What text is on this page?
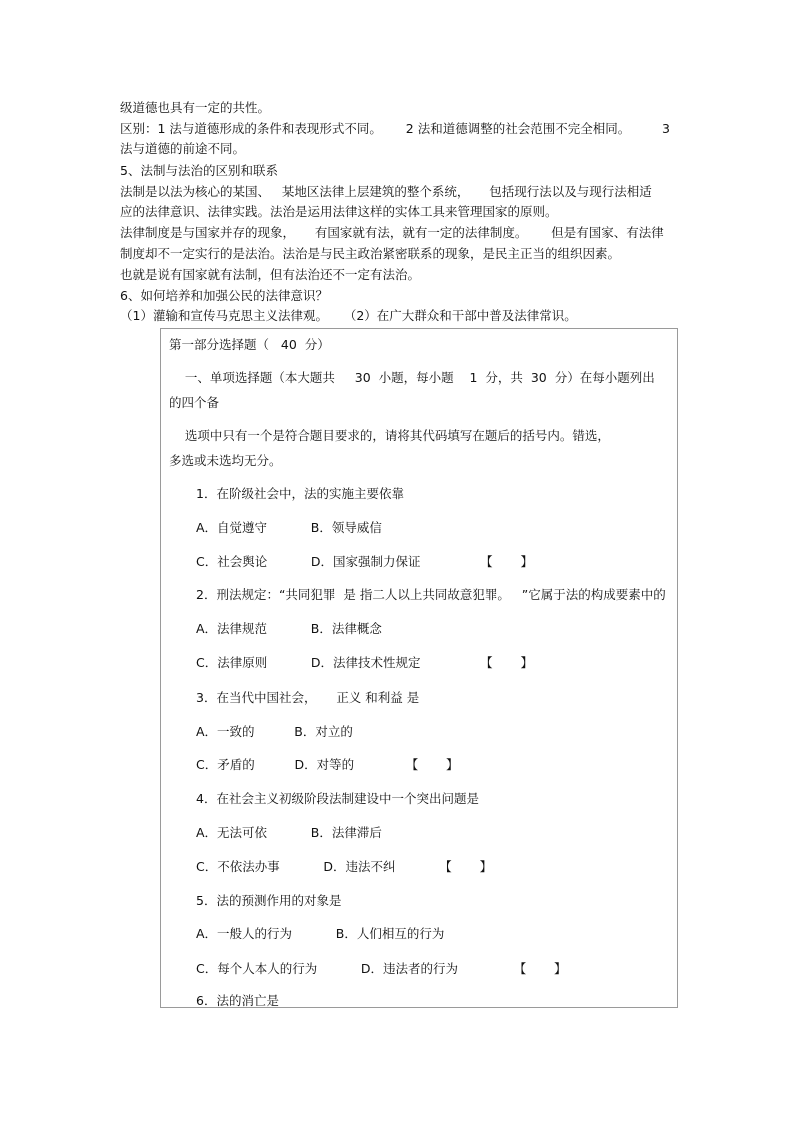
级道德也具有一定的共性。
区别：1 法与道德形成的条件和表现形式不同。      2 法和道德调整的社会范围不完全相同。        3
法与道德的前途不同。
5、法制与法治的区别和联系
法制是以法为核心的某国、   某地区法律上层建筑的整个系统，     包括现行法以及与现行法相适
应的法律意识、法律实践。法治是运用法律这样的实体工具来管理国家的原则。
法律制度是与国家并存的现象，     有国家就有法，就有一定的法律制度。      但是有国家、有法律
制度却不一定实行的是法治。法治是与民主政治紧密联系的现象，是民主正当的组织因素。
也就是说有国家就有法制，但有法治还不一定有法治。
6、如何培养和加强公民的法律意识？
（1）灌输和宣传马克思主义法律观。    （2）在广大群众和干部中普及法律常识。
第一部分选择题（   40  分）
一、单项选择题（本大题共     30  小题，每小题    1  分，共  30  分）在每小题列出
的四个备
选项中只有一个是符合题目要求的，请将其代码填写在题后的括号内。错选，
多选或未选均无分。
1．在阶级社会中，法的实施主要依靠
A．自觉遵守           B．领导威信
C．社会舆论           D．国家强制力保证               【       】
2．刑法规定：“共同犯罪  是 指二人以上共同故意犯罪。   ”它属于法的构成要素中的
A．法律规范           B．法律概念
C．法律原则           D．法律技术性规定               【       】
3．在当代中国社会，     正义 和利益 是
A．一致的          B．对立的
C．矛盾的          D．对等的             【       】
4．在社会主义初级阶段法制建设中一个突出问题是
A．无法可依           B．法律滞后
C．不依法办事           D．违法不纠           【       】
5．法的预测作用的对象是
A．一般人的行为           B．人们相互的行为
C．每个人本人的行为           D．违法者的行为              【       】
6．法的消亡是
